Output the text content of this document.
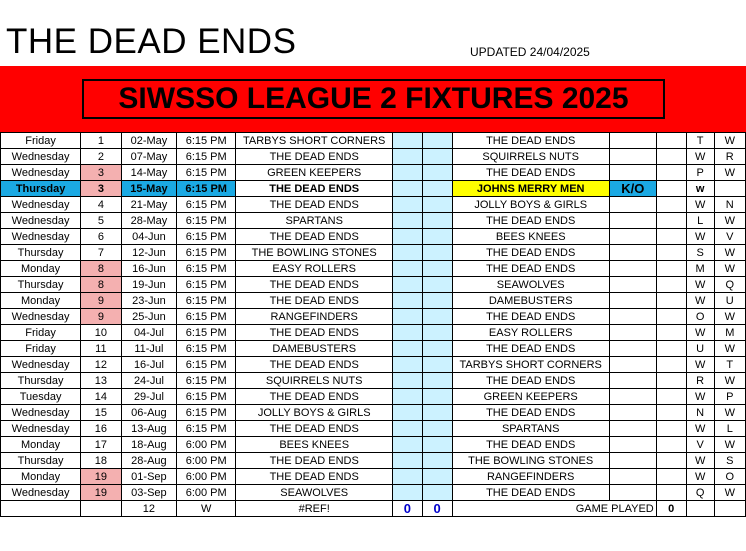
THE DEAD ENDS	UPDATED 24/04/2025
SIWSSO LEAGUE 2 FIXTURES 2025
Friday	1	02-May	6:15 PM	TARBYS SHORT CORNERS			THE DEAD ENDS			T	W
Wednesday	2	07-May	6:15 PM	THE DEAD ENDS			SQUIRRELS NUTS			W	R
Wednesday	3	14-May	6:15 PM	GREEN KEEPERS			THE DEAD ENDS			P	W
Thursday	3	15-May	6:15 PM	THE DEAD ENDS			JOHNS MERRY MEN	K/O		w	
Wednesday	4	21-May	6:15 PM	THE DEAD ENDS			JOLLY BOYS & GIRLS			W	N
Wednesday	5	28-May	6:15 PM	SPARTANS			THE DEAD ENDS			L	W
Wednesday	6	04-Jun	6:15 PM	THE DEAD ENDS			BEES KNEES			W	V
Thursday	7	12-Jun	6:15 PM	THE BOWLING STONES			THE DEAD ENDS			S	W
Monday	8	16-Jun	6:15 PM	EASY ROLLERS			THE DEAD ENDS			M	W
Thursday	8	19-Jun	6:15 PM	THE DEAD ENDS			SEAWOLVES			W	Q
Monday	9	23-Jun	6:15 PM	THE DEAD ENDS			DAMEBUSTERS			W	U
Wednesday	9	25-Jun	6:15 PM	RANGEFINDERS			THE DEAD ENDS			O	W
Friday	10	04-Jul	6:15 PM	THE DEAD ENDS			EASY ROLLERS			W	M
Friday	11	11-Jul	6:15 PM	DAMEBUSTERS			THE DEAD ENDS			U	W
Wednesday	12	16-Jul	6:15 PM	THE DEAD ENDS			TARBYS SHORT CORNERS			W	T
Thursday	13	24-Jul	6:15 PM	SQUIRRELS NUTS			THE DEAD ENDS			R	W
Tuesday	14	29-Jul	6:15 PM	THE DEAD ENDS			GREEN KEEPERS			W	P
Wednesday	15	06-Aug	6:15 PM	JOLLY BOYS & GIRLS			THE DEAD ENDS			N	W
Wednesday	16	13-Aug	6:15 PM	THE DEAD ENDS			SPARTANS			W	L
Monday	17	18-Aug	6:00 PM	BEES KNEES			THE DEAD ENDS			V	W
Thursday	18	28-Aug	6:00 PM	THE DEAD ENDS			THE BOWLING STONES			W	S
Monday	19	01-Sep	6:00 PM	THE DEAD ENDS			RANGEFINDERS			W	O
Wednesday	19	03-Sep	6:00 PM	SEAWOLVES			THE DEAD ENDS			Q	W
		12	W	#REF!	0	0	GAME PLAYED		0		
